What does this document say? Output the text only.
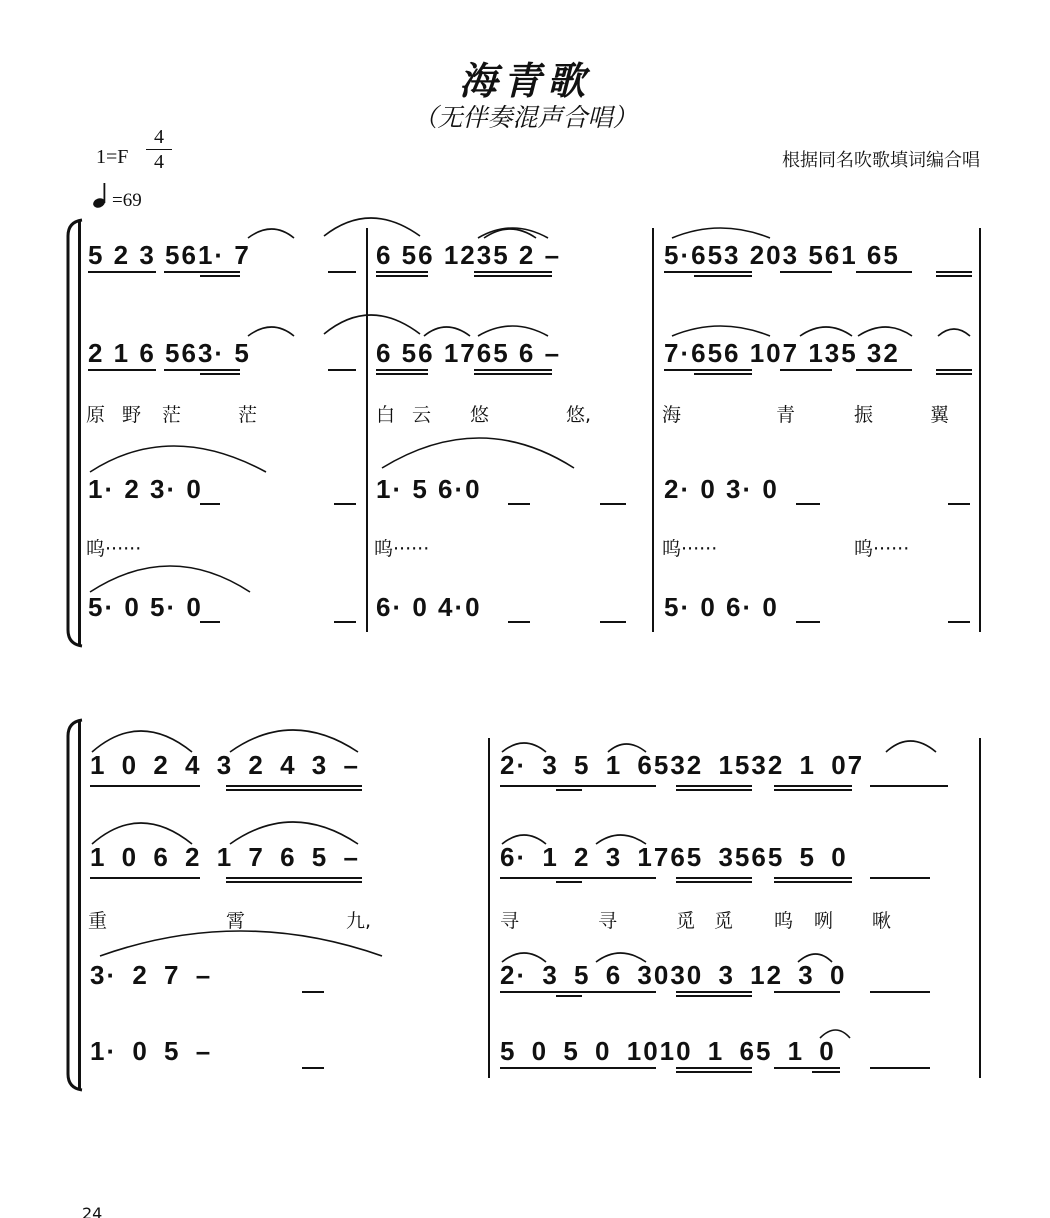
海青歌
（无伴奏混声合唱）
1=F
4
4
=69
根据同名吹歌填词编合唱
5 2 3 561· 7	6 56 1235 2 –	5·653 203 561 65
2 1 6 563· 5	6 56 1765 6 –	7·656 107 135 32
原 野 茫	茫	白 云 悠	悠,	海	青	振	翼
1· 2 3· 0	1· 5 6·0	2· 0 3· 0
呜······	呜······	呜······	呜······
5· 0 5· 0	6· 0 4·0	5· 0 6· 0
1 0 2 4 3 2 4 3 –	2· 3 5 1 6532 1532 1 07
1 0 6 2 1 7 6 5 –	6· 1 2 3 1765 3565 5 0
重	霄	九,	寻	寻	觅 觅 呜 咧 啾
3· 2 7 –	2· 3 5 6 3030 3 12 3 0
1· 0 5 –	5 0 5 0 1010 1 65 1 0
24
